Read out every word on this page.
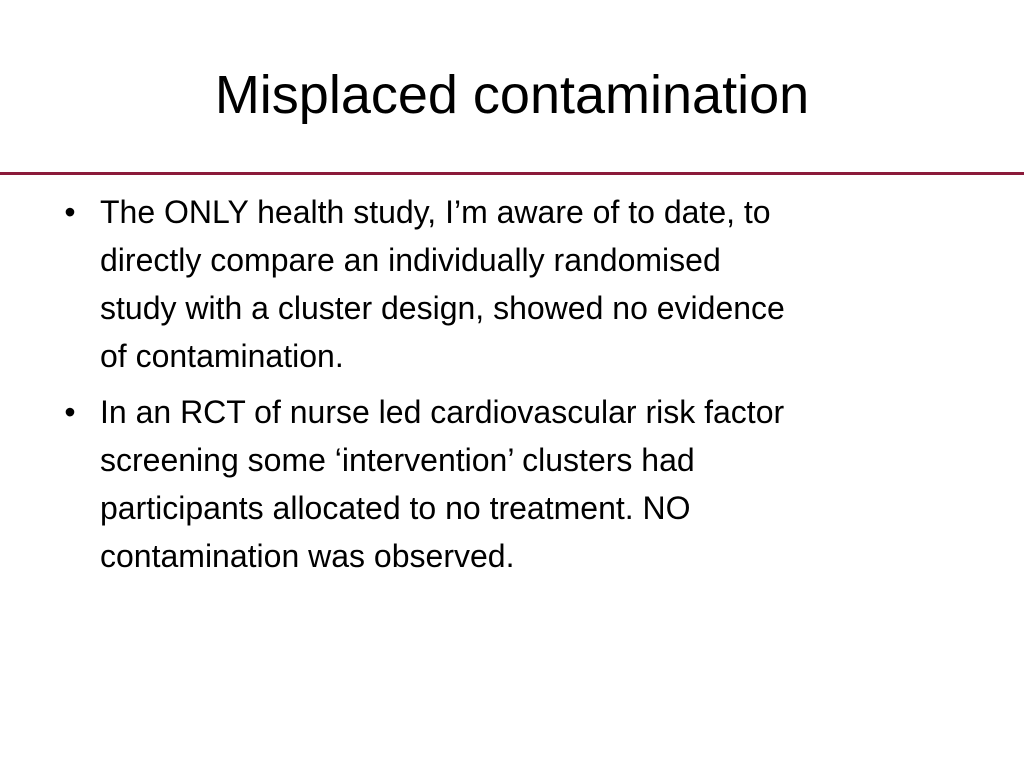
Misplaced contamination
• The ONLY health study, I’m aware of to date, to
directly compare an individually randomised
study with a cluster design, showed no evidence
of contamination.
• In an RCT of nurse led cardiovascular risk factor
screening some ‘intervention’ clusters had
participants allocated to no treatment. NO
contamination was observed.
